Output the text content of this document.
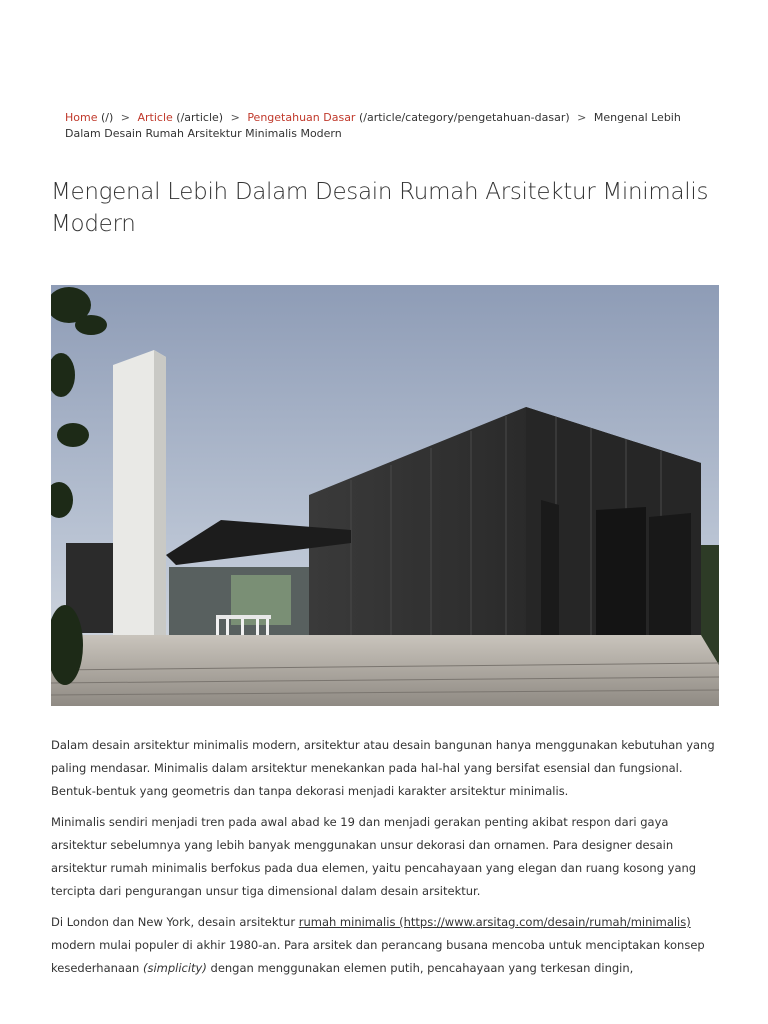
Home (/) > Article (/article) > Pengetahuan Dasar (/article/category/pengetahuan-dasar) > Mengenal Lebih Dalam Desain Rumah Arsitektur Minimalis Modern
Mengenal Lebih Dalam Desain Rumah Arsitektur Minimalis Modern

Dalam desain arsitektur minimalis modern, arsitektur atau desain bangunan hanya menggunakan kebutuhan yang paling mendasar. Minimalis dalam arsitektur menekankan pada hal-hal yang bersifat esensial dan fungsional. Bentuk-bentuk yang geometris dan tanpa dekorasi menjadi karakter arsitektur minimalis.

Minimalis sendiri menjadi tren pada awal abad ke 19 dan menjadi gerakan penting akibat respon dari gaya arsitektur sebelumnya yang lebih banyak menggunakan unsur dekorasi dan ornamen. Para designer desain arsitektur rumah minimalis berfokus pada dua elemen, yaitu pencahayaan yang elegan dan ruang kosong yang tercipta dari pengurangan unsur tiga dimensional dalam desain arsitektur.

Di London dan New York, desain arsitektur rumah minimalis (https://www.arsitag.com/desain/rumah/minimalis) modern mulai populer di akhir 1980-an. Para arsitek dan perancang busana mencoba untuk menciptakan konsep kesederhanaan (simplicity) dengan menggunakan elemen putih, pencahayaan yang terkesan dingin,
